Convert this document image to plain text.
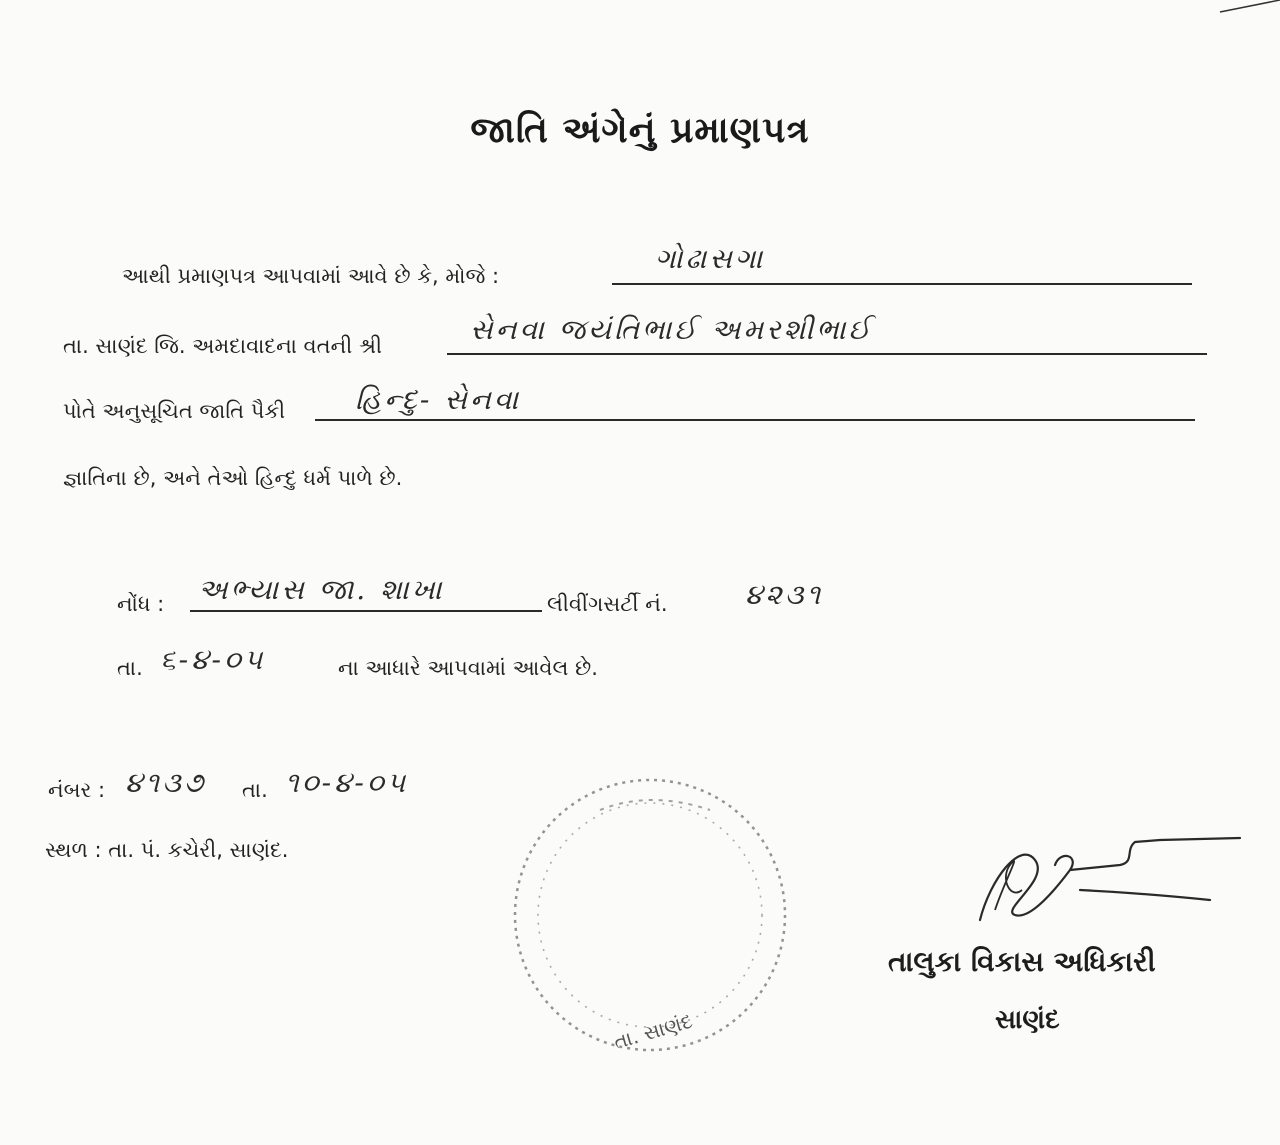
જાતિ અંગેનું પ્રમાણપત્ર
આથી પ્રમાણપત્ર આપવામાં આવે છે કે, મોજે :
ગોઢાસગા
તા. સાણંદ જિ. અમદાવાદના વતની શ્રી	સેનવા જયંતિભાઈ અમરશીભાઈ
પોતે અનુસૂચિત જાતિ પૈકી હિન્દુ- સેનવા
જ્ઞાતિના છે, અને તેઓ હિન્દુ ધર્મ પાળે છે.
નોંધ : અભ્યાસ જા. શાખા	લીવીંગસર્ટી નં.	૪૨૩૧
તા. ૬-૪-૦૫	ના આધારે આપવામાં આવેલ છે.
નંબર : ૪૧૩૭ તા. ૧૦-૪-૦૫
સ્થળ : તા. પં. કચેરી, સાણંદ.
તા. સાણંદ
તાલુકા વિકાસ અધિકારી
સાણંદ
